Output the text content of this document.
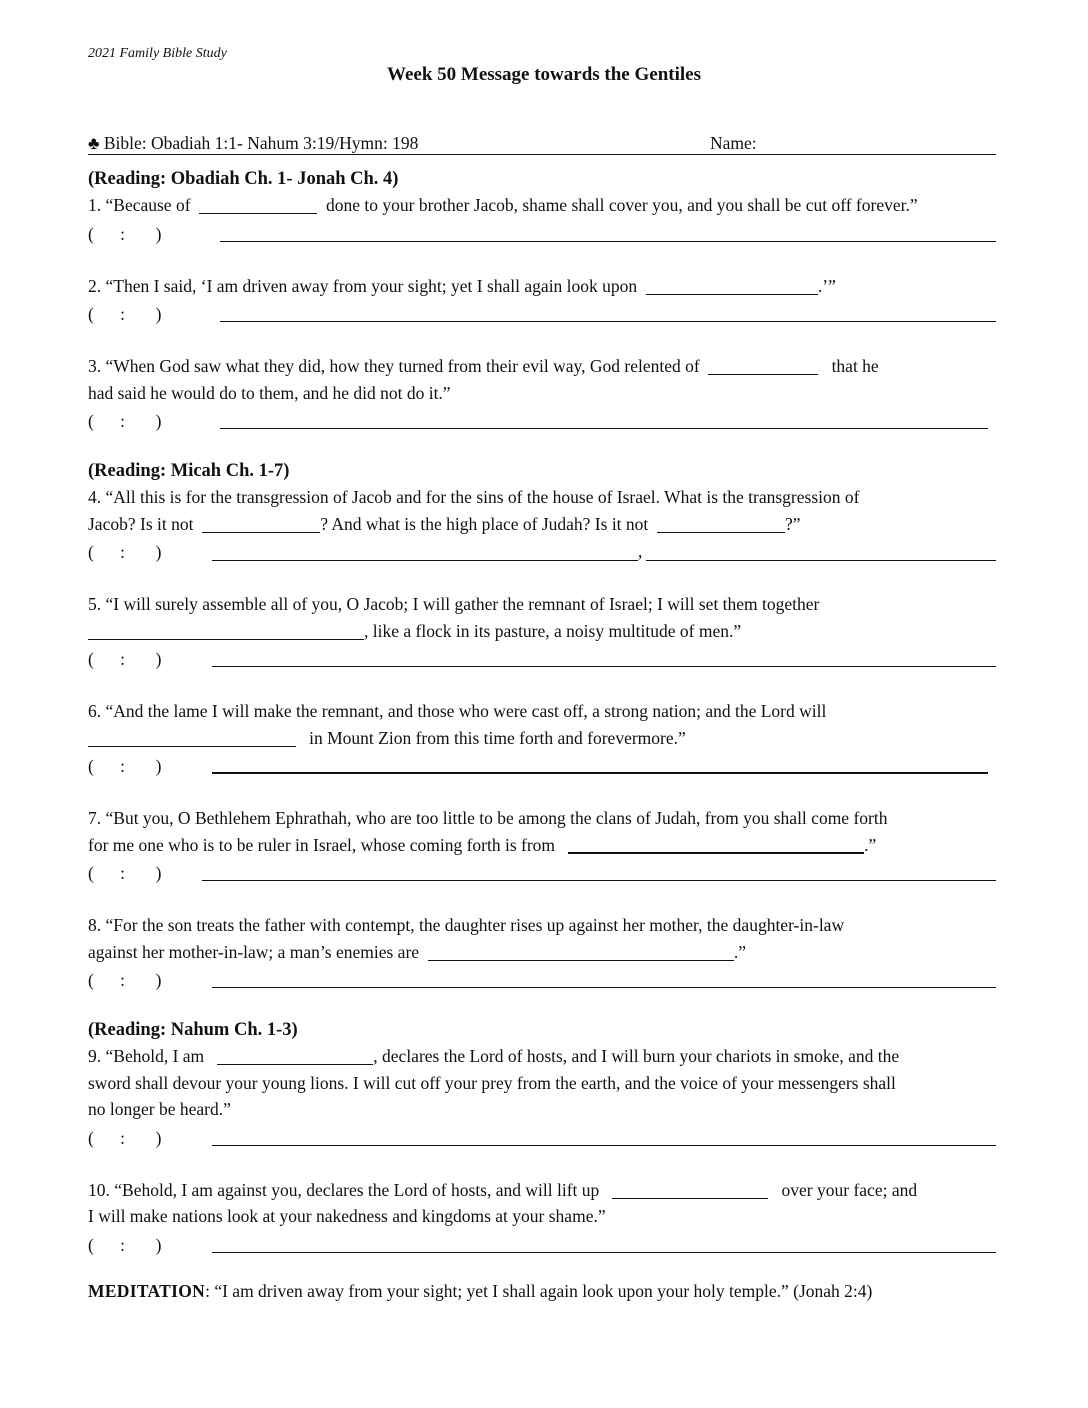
2021 Family Bible Study
Week 50 Message towards the Gentiles
♣ Bible: Obadiah 1:1- Nahum 3:19/Hymn: 198	Name:
(Reading: Obadiah Ch. 1- Jonah Ch. 4)

1. “Because of	done to your brother Jacob, shame shall cover you, and you shall be cut off forever.”

(      :       )

2. “Then I said, ‘I am driven away from your sight; yet I shall again look upon	.’”

(      :       )

3. “When God saw what they did, how they turned from their evil way, God relented of	that he

had said he would do to them, and he did not do it.”

(      :       )
(Reading: Micah Ch. 1-7)

4. “All this is for the transgression of Jacob and for the sins of the house of Israel. What is the transgression of

Jacob? Is it not	? And what is the high place of Judah? Is it not	?”

(      :       )	,

5. “I will surely assemble all of you, O Jacob; I will gather the remnant of Israel; I will set them together

, like a flock in its pasture, a noisy multitude of men.”

(      :       )

6. “And the lame I will make the remnant, and those who were cast off, a strong nation; and the Lord will

in Mount Zion from this time forth and forevermore.”

(      :       )

7. “But you, O Bethlehem Ephrathah, who are too little to be among the clans of Judah, from you shall come forth

for me one who is to be ruler in Israel, whose coming forth is from	.”

(      :       )

8. “For the son treats the father with contempt, the daughter rises up against her mother, the daughter-in-law

against her mother-in-law; a man’s enemies are	.”

(      :       )
(Reading: Nahum Ch. 1-3)

9. “Behold, I am	, declares the Lord of hosts, and I will burn your chariots in smoke, and the

sword shall devour your young lions. I will cut off your prey from the earth, and the voice of your messengers shall

no longer be heard.”

(      :       )

10. “Behold, I am against you, declares the Lord of hosts, and will lift up	over your face; and

I will make nations look at your nakedness and kingdoms at your shame.”

(      :       )
MEDITATION: “I am driven away from your sight; yet I shall again look upon your holy temple.” (Jonah 2:4)
